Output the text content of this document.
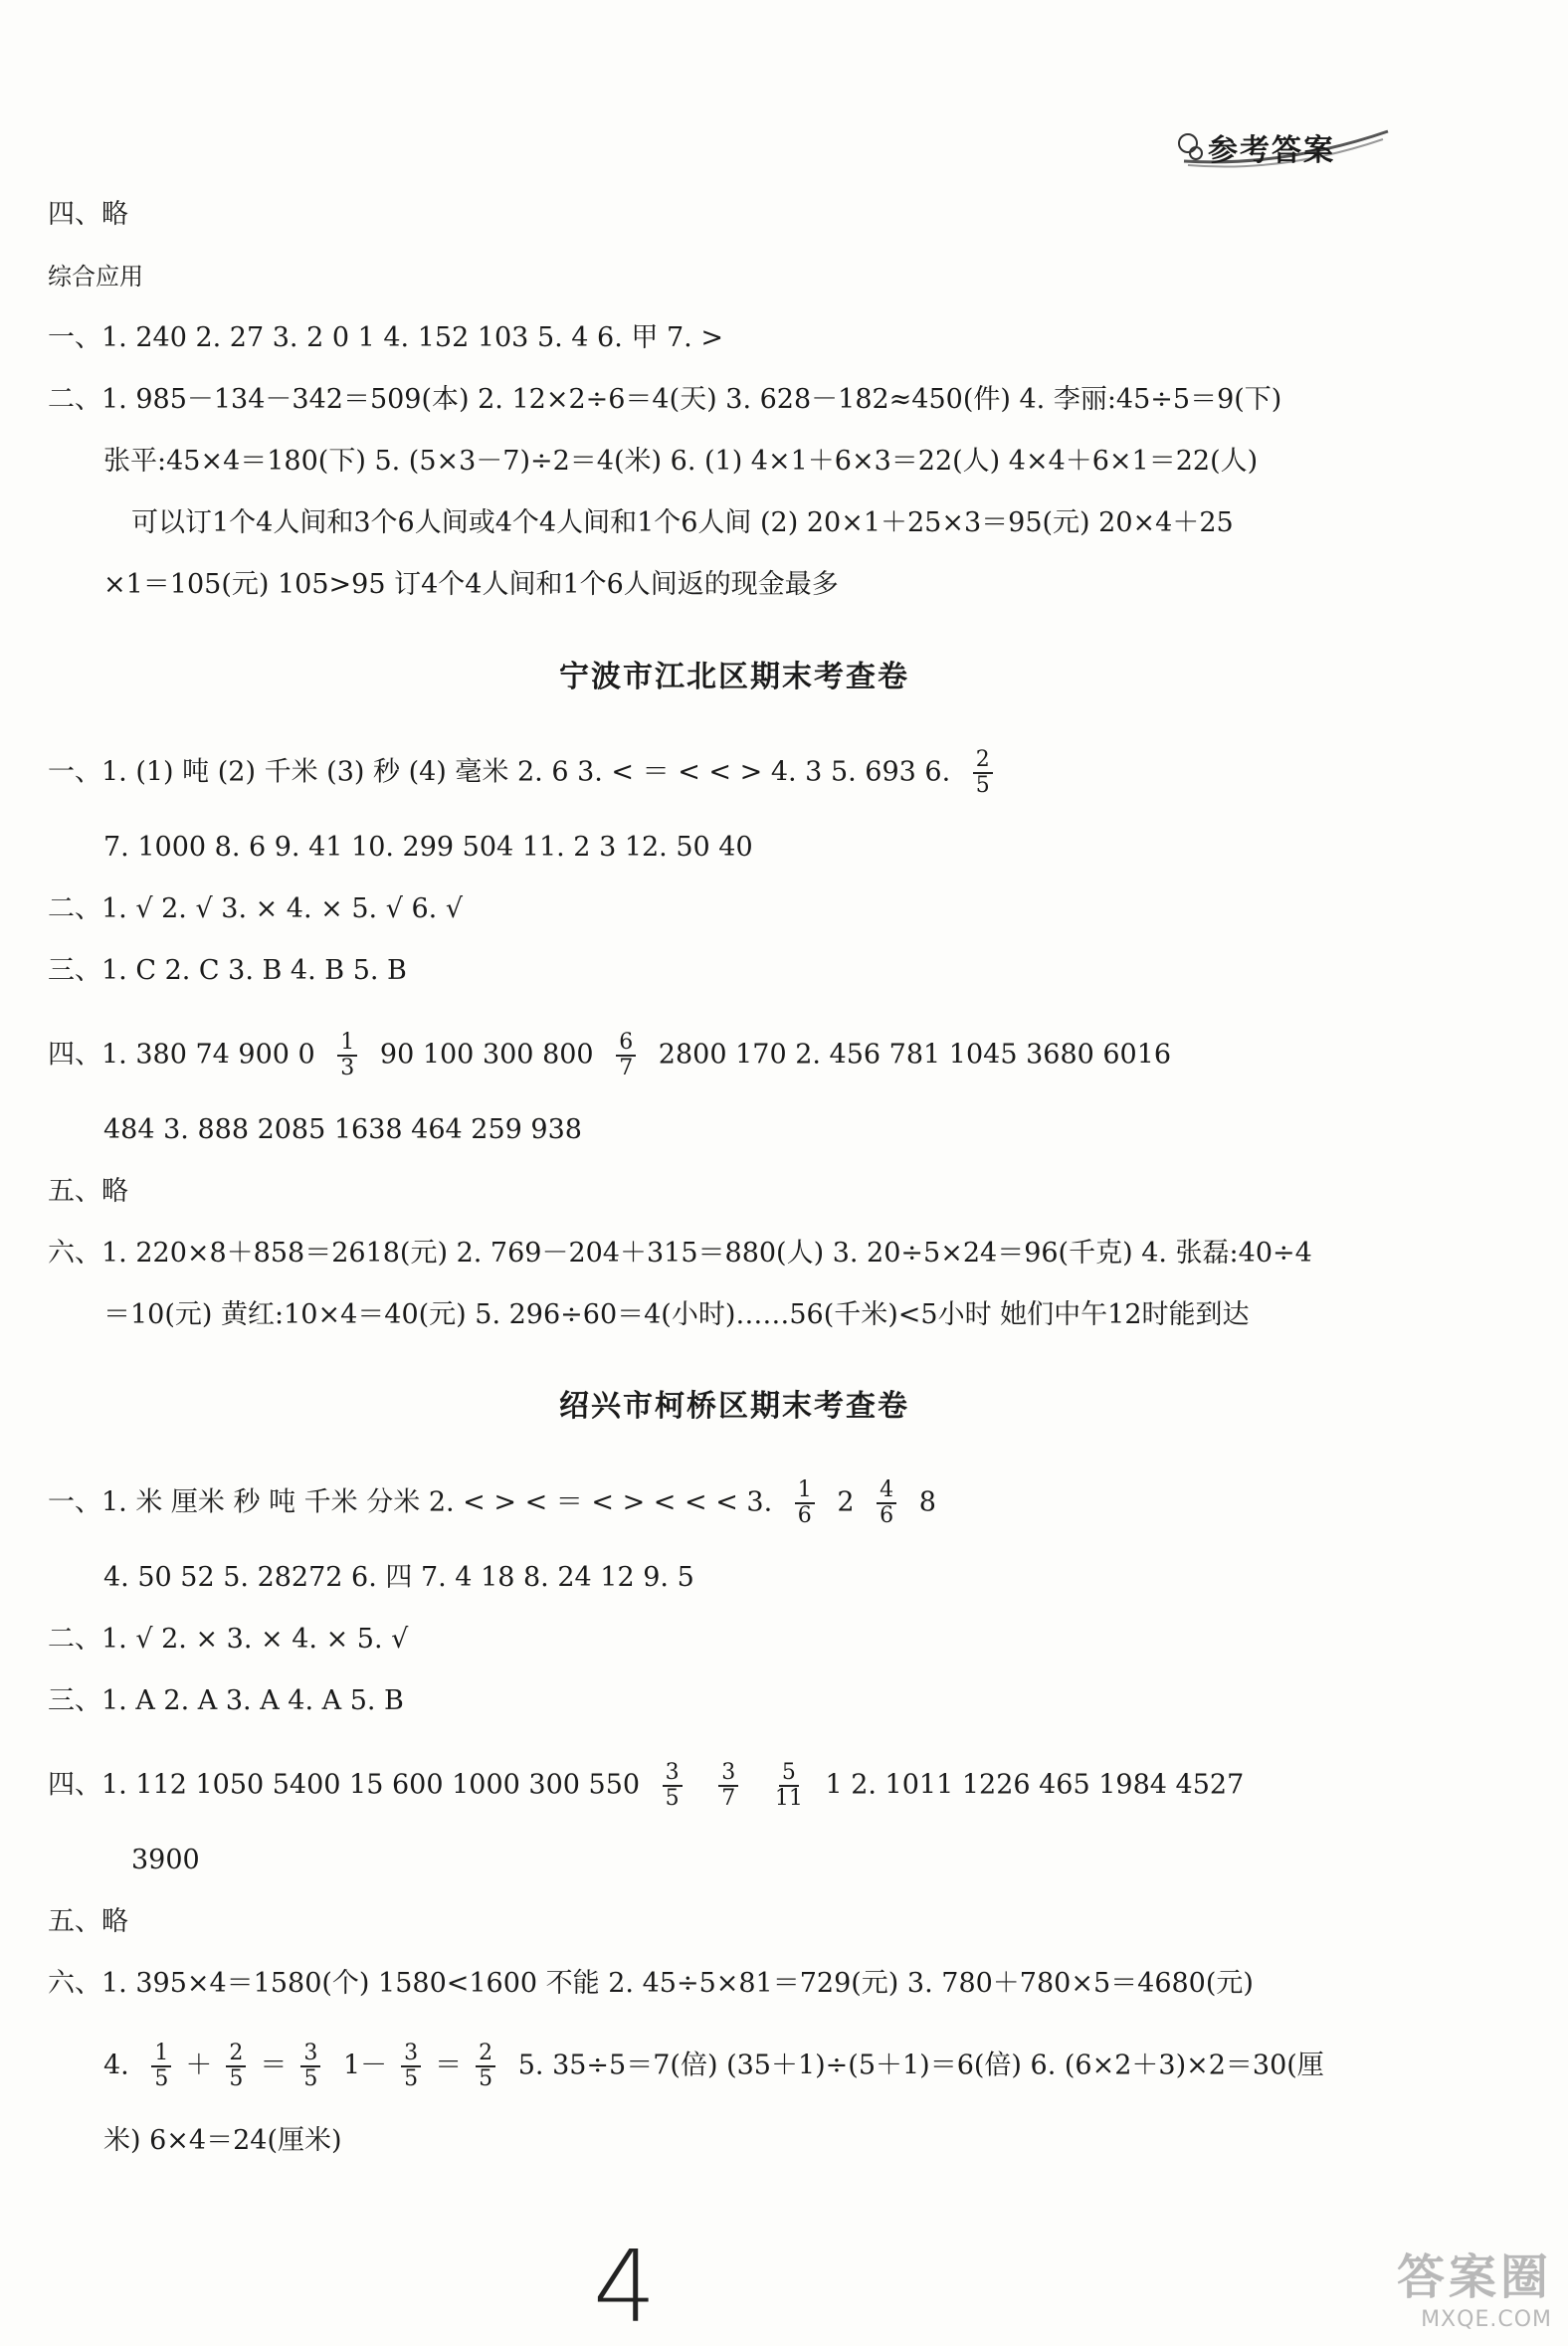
参考答案
四、略
综合应用
一、1. 240 2. 27 3. 2 0 1 4. 152 103 5. 4 6. 甲 7. >
二、1. 985－134－342＝509(本) 2. 12×2÷6＝4(天) 3. 628－182≈450(件) 4. 李丽:45÷5＝9(下)
张平:45×4＝180(下) 5. (5×3－7)÷2＝4(米) 6. (1) 4×1＋6×3＝22(人) 4×4＋6×1＝22(人)
可以订1个4人间和3个6人间或4个4人间和1个6人间 (2) 20×1＋25×3＝95(元) 20×4＋25
×1＝105(元) 105>95 订4个4人间和1个6人间返的现金最多
宁波市江北区期末考查卷
一、1. (1) 吨 (2) 千米 (3) 秒 (4) 毫米 2. 6 3. < ＝ < < > 4. 3 5. 693 6. $\frac{2}{5}$
7. 1000 8. 6 9. 41 10. 299 504 11. 2 3 12. 50 40
二、1. √ 2. √ 3. × 4. × 5. √ 6. √
三、1. C 2. C 3. B 4. B 5. B
四、1. 380 74 900 $0 \frac{1}{3} 90$ 100 300 $800 \frac{6}{7} 2800$ 170 2. 456 781 1045 3680 6016
484 3. 888 2085 1638 464 259 938
五、略
六、1. 220×8＋858＝2618(元) 2. 769－204＋315＝880(人) 3. 20÷5×24＝96(千克) 4. 张磊:40÷4
＝10(元) 黄红:10×4＝40(元) 5. 296÷60＝4(小时)……56(千米)<5小时 她们中午12时能到达
绍兴市柯桥区期末考查卷
一、1. 米 厘米 秒 吨 千米 分米 2. < > < ＝ < > < < < 3. $\frac{1}{6} 2 \frac{4}{6} 8$
4. 50 52 5. 28272 6. 四 7. 4 18 8. 24 12 9. 5
二、1. √ 2. × 3. × 4. × 5. √
三、1. A 2. A 3. A 4. A 5. B
四、1. 112 1050 5400 15 600 1000 300 $550 \frac{3}{5}$
$\frac{3}{7}$
$\frac{5}{11} 1$ 2. 1011 1226 465 1984 4527
3900
五、略
六、1. 395×4＝1580(个) 1580<1600 不能 2. 45÷5×81＝729(元) 3. 780＋780×5＝4680(元)
4. $\frac{1}{5} + \frac{2}{5} = \frac{3}{5} 1- \frac{3}{5} = \frac{2}{5} 5$. 35÷5＝7(倍) (35＋1)÷(5＋1)＝6(倍) 6. (6×2＋3)×2＝30(厘
米) 6×4＝24(厘米)
4	答案圈
MXQE.COM
